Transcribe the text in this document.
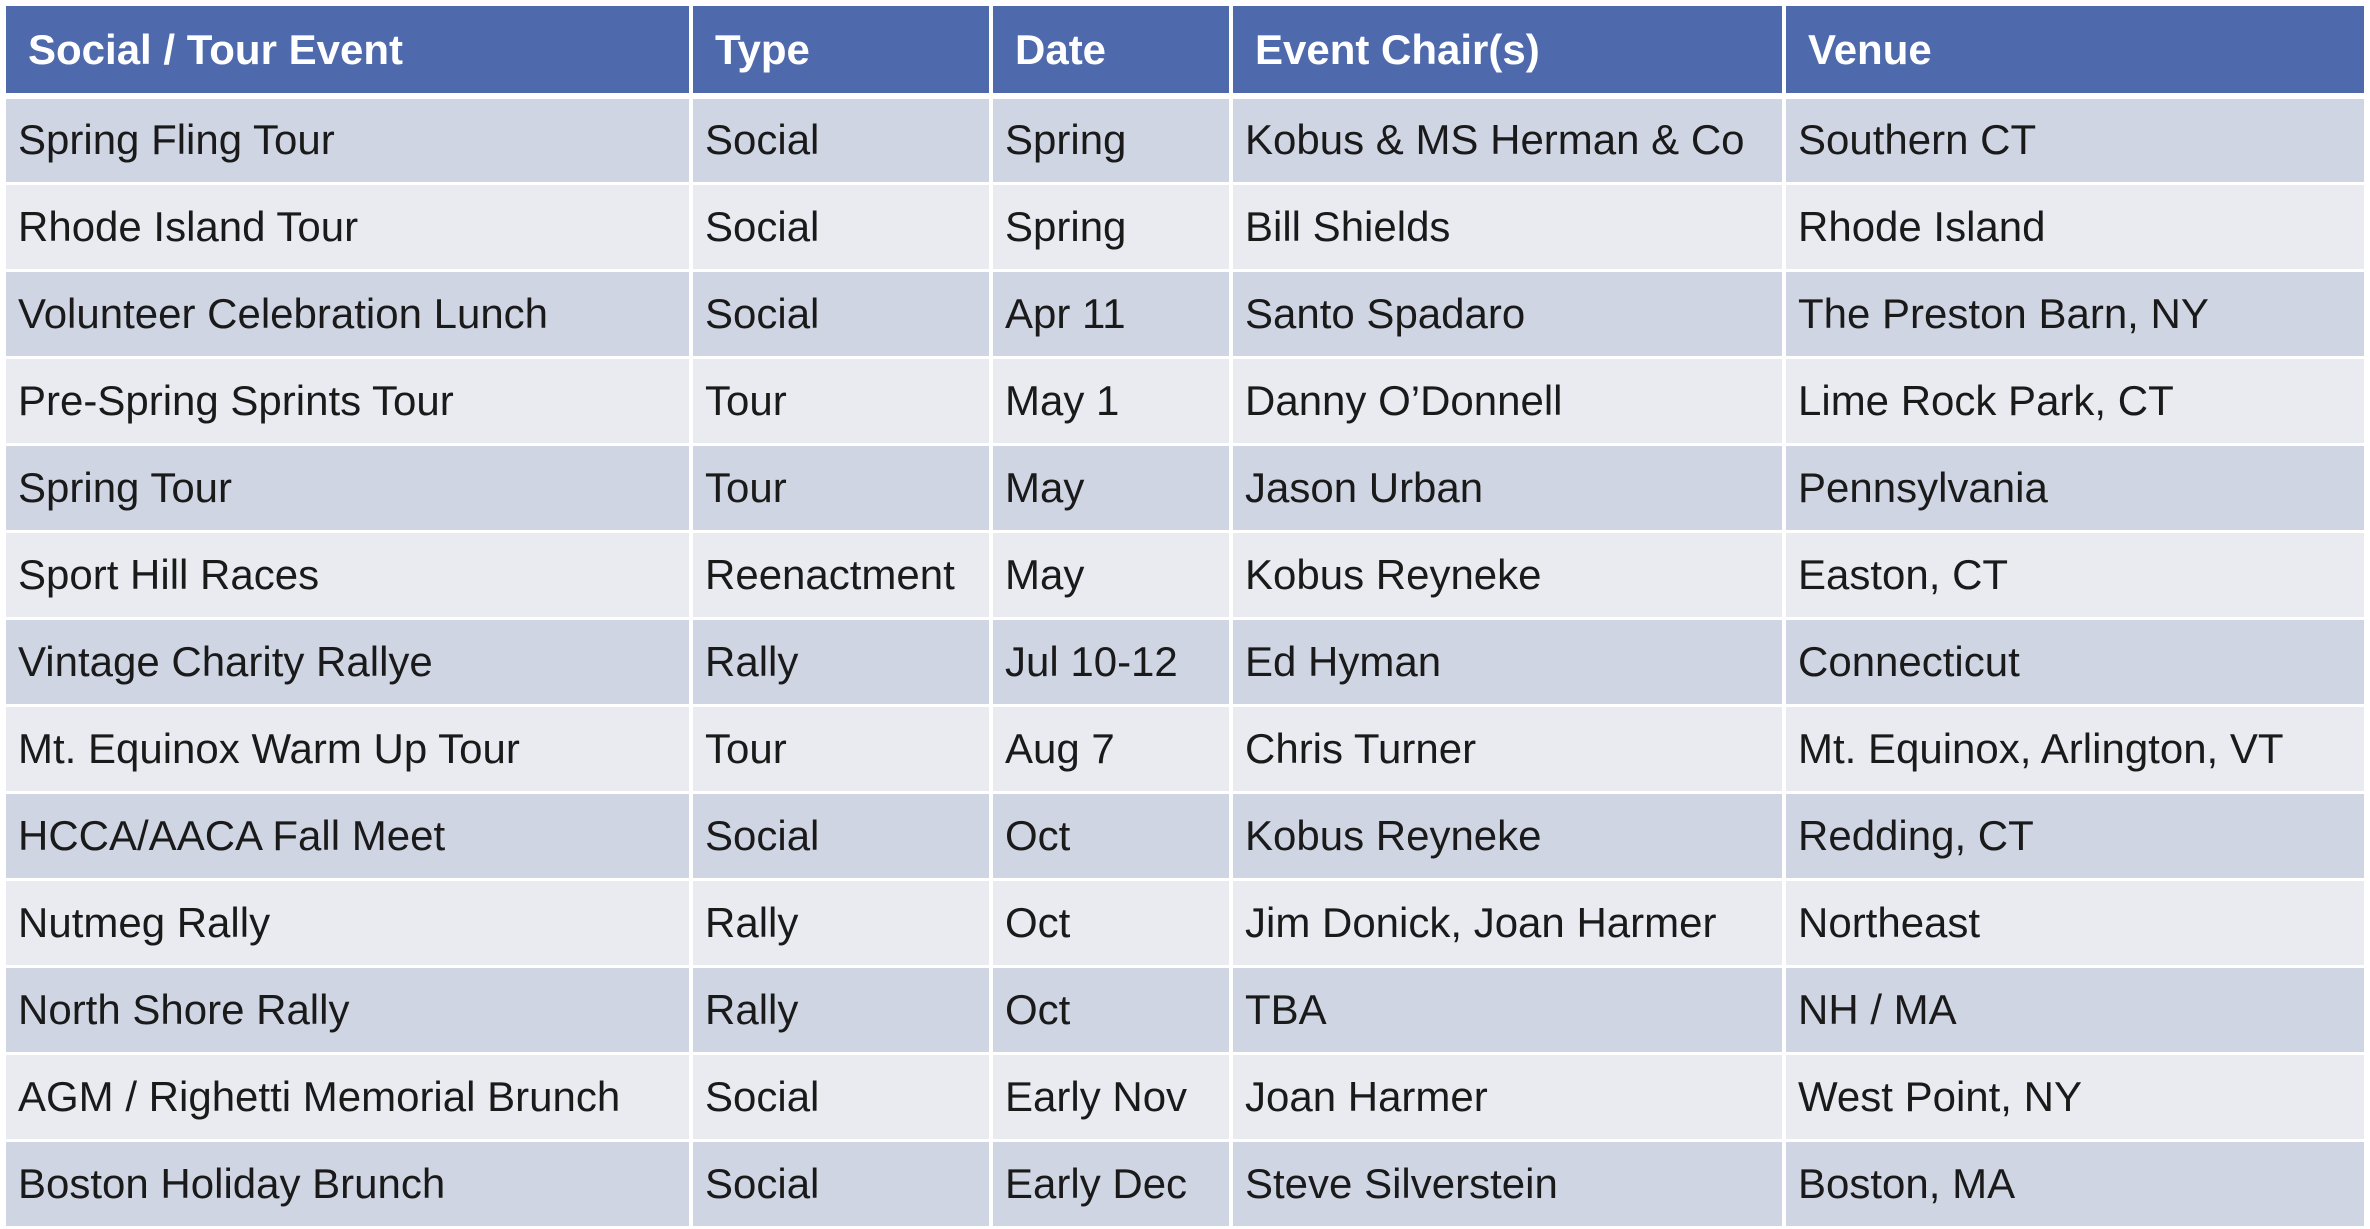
Social / Tour Event	Type	Date	Event Chair(s)	Venue
Spring Fling Tour	Social	Spring	Kobus & MS Herman & Co	Southern CT
Rhode Island Tour	Social	Spring	Bill Shields	Rhode Island
Volunteer Celebration Lunch	Social	Apr 11	Santo Spadaro	The Preston Barn, NY
Pre-Spring Sprints Tour	Tour	May 1	Danny O’Donnell	Lime Rock Park, CT
Spring Tour	Tour	May	Jason Urban	Pennsylvania
Sport Hill Races	Reenactment	May	Kobus Reyneke	Easton, CT
Vintage Charity Rallye	Rally	Jul 10-12	Ed Hyman	Connecticut
Mt. Equinox Warm Up Tour	Tour	Aug 7	Chris Turner	Mt. Equinox, Arlington, VT
HCCA/AACA Fall Meet	Social	Oct	Kobus Reyneke	Redding, CT
Nutmeg Rally	Rally	Oct	Jim Donick, Joan Harmer	Northeast
North Shore Rally	Rally	Oct	TBA	NH / MA
AGM / Righetti Memorial Brunch	Social	Early Nov	Joan Harmer	West Point, NY
Boston Holiday Brunch	Social	Early Dec	Steve Silverstein	Boston, MA
